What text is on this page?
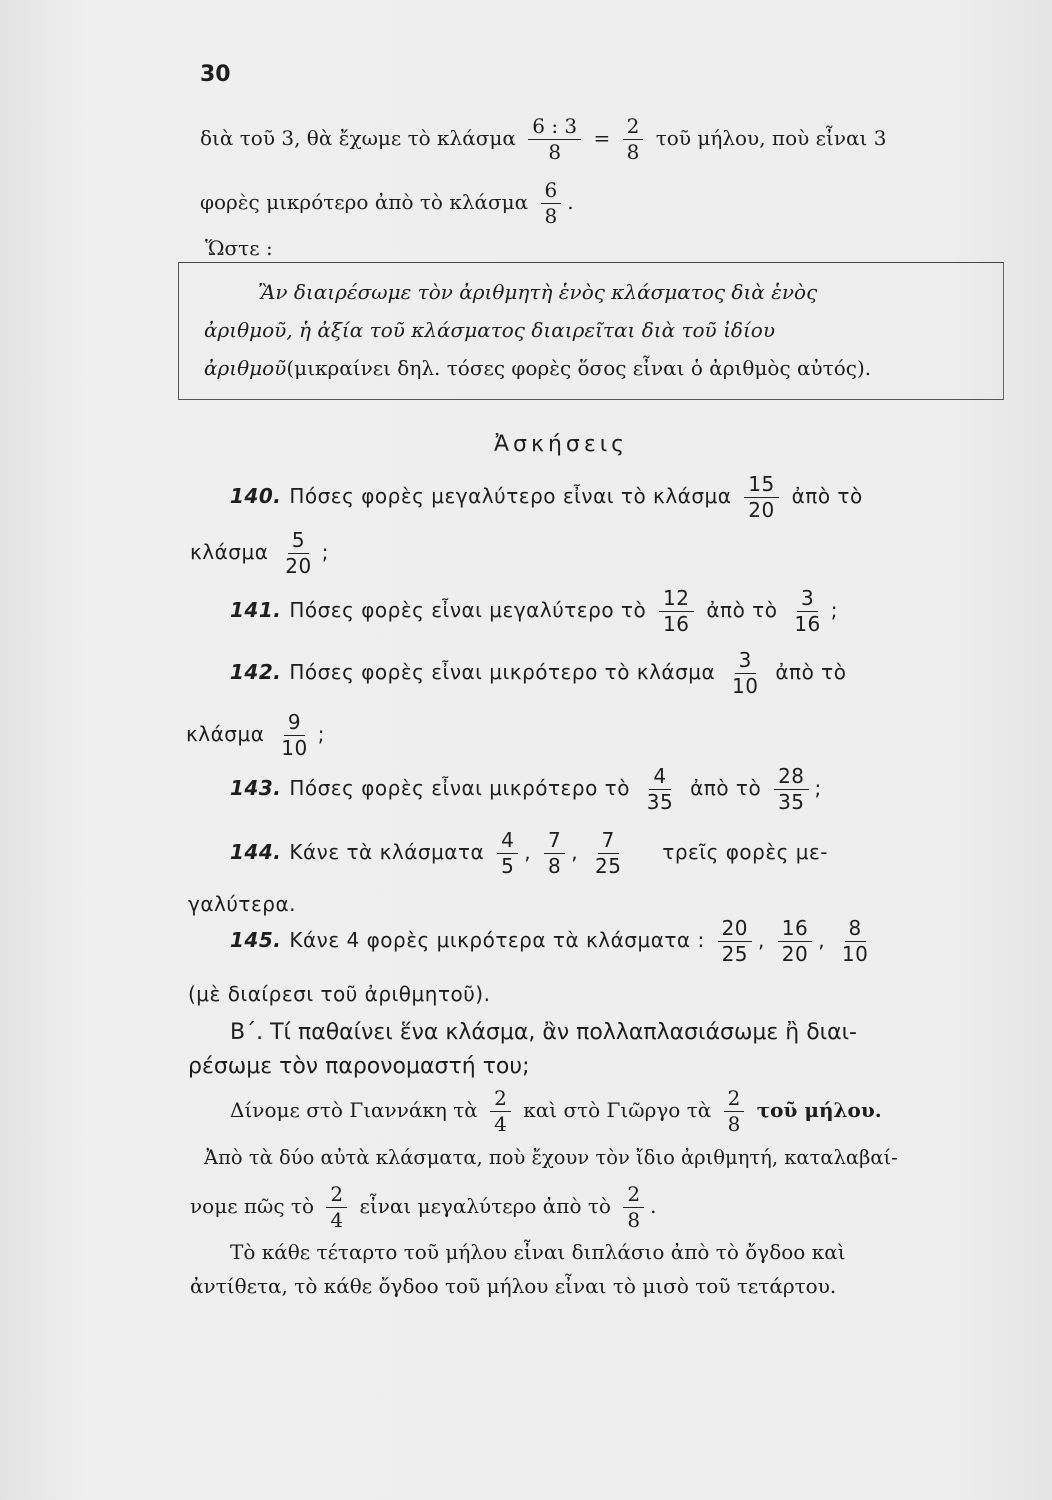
30
διὰ τοῦ 3, θὰ ἔχωμε τὸ κλάσμα $\frac{6 : 3}{8} = \frac{2}{8}$ τοῦ μήλου, ποὺ εἶναι 3
φορὲς μικρότερο ἀπὸ τὸ κλάσμα $\frac{6}{8}$ .
Ὥστε :
Ἂν διαιρέσωμε τὸν ἀριθμητὴ ἑνὸς κλάσματος διὰ ἑνὸς
ἀριθμοῦ, ἡ ἀξία τοῦ κλάσματος διαιρεῖται διὰ τοῦ ἰδίου
ἀριθμοῦ(μικραίνει δηλ. τόσες φορὲς ὅσος εἶναι ὁ ἀριθμὸς αὐτός).
Ἀσκήσεις
140. Πόσες φορὲς μεγαλύτερο εἶναι τὸ κλάσμα $\frac{15}{20}$ ἀπὸ τὸ
κλάσμα $\frac{5}{20}$ ;
141. Πόσες φορὲς εἶναι μεγαλύτερο τὸ $\frac{12}{16}$ ἀπὸ τὸ $\frac{3}{16}$ ;
142. Πόσες φορὲς εἶναι μικρότερο τὸ κλάσμα $\frac{3}{10}$ ἀπὸ τὸ
κλάσμα $\frac{9}{10}$ ;
143. Πόσες φορὲς εἶναι μικρότερο τὸ $\frac{4}{35}$ ἀπὸ τὸ $\frac{28}{35}$ ;
144. Κάνε τὰ κλάσματα $\frac{4}{5}$ , $\frac{7}{8}$ , $\frac{7}{25}$ τρεῖς φορὲς με-
γαλύτερα.
145. Κάνε 4 φορὲς μικρότερα τὰ κλάσματα : $\frac{20}{25}$ , $\frac{16}{20}$ , $\frac{8}{10}$
(μὲ διαίρεσι τοῦ ἀριθμητοῦ).
Β΄. Τί παθαίνει ἕνα κλάσμα, ἂν πολλαπλασιάσωμε ἢ διαι-
ρέσωμε τὸν παρονομαστή του;
Δίνομε στὸ Γιαννάκη τὰ $\frac{2}{4}$ καὶ στὸ Γιῶργο τὰ $\frac{2}{8}$ τοῦ μήλου.
Ἀπὸ τὰ δύο αὐτὰ κλάσματα, ποὺ ἔχουν τὸν ἴδιο ἀριθμητή, καταλαβαί-
νομε πῶς τὸ $\frac{2}{4}$ εἶναι μεγαλύτερο ἀπὸ τὸ $\frac{2}{8}$ .
Τὸ κάθε τέταρτο τοῦ μήλου εἶναι διπλάσιο ἀπὸ τὸ ὄγδοο καὶ
ἀντίθετα, τὸ κάθε ὄγδοο τοῦ μήλου εἶναι τὸ μισὸ τοῦ τετάρτου.
